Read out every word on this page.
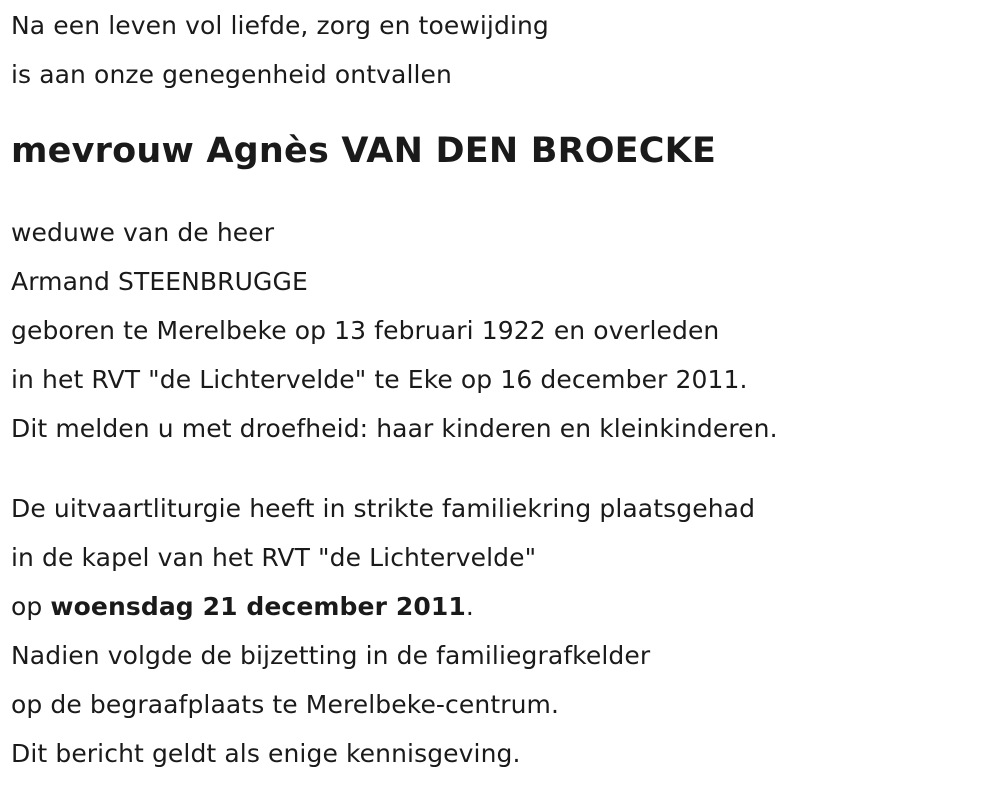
Na een leven vol liefde, zorg en toewijding
is aan onze genegenheid ontvallen
mevrouw Agnès VAN DEN BROECKE
weduwe van de heer
Armand STEENBRUGGE
geboren te Merelbeke op 13 februari 1922 en overleden
in het RVT "de Lichtervelde" te Eke op 16 december 2011.
Dit melden u met droefheid: haar kinderen en kleinkinderen.
De uitvaartliturgie heeft in strikte familiekring plaatsgehad
in de kapel van het RVT "de Lichtervelde"
op woensdag 21 december 2011.
Nadien volgde de bijzetting in de familiegrafkelder
op de begraafplaats te Merelbeke-centrum.
Dit bericht geldt als enige kennisgeving.
